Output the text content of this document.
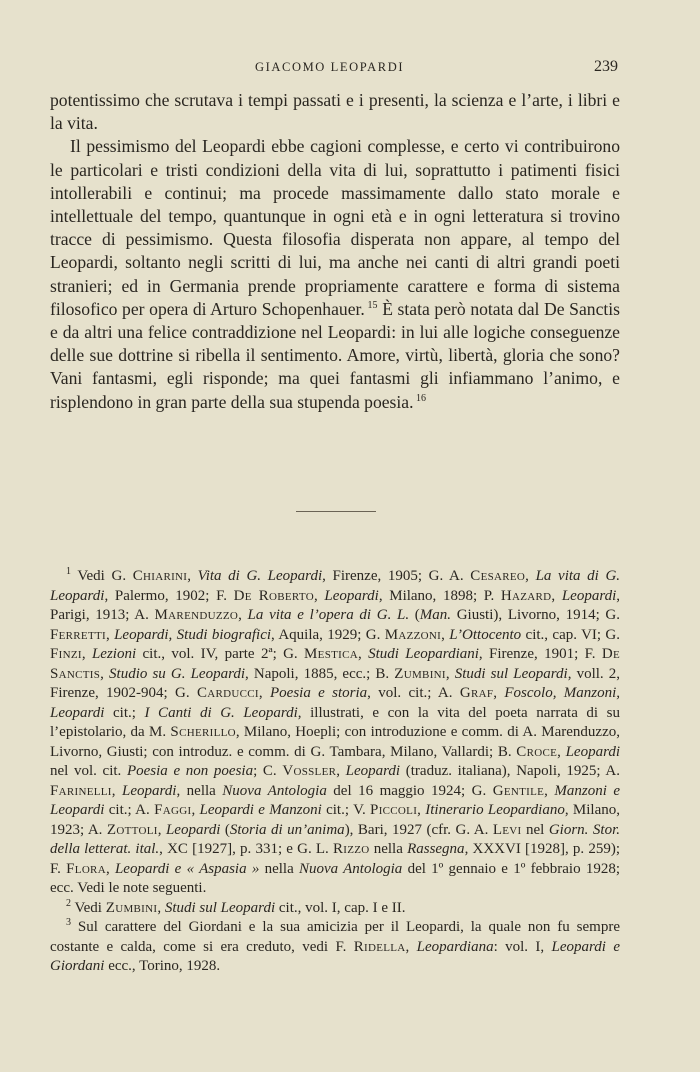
GIACOMO LEOPARDI	239

potentissimo che scrutava i tempi passati e i presenti, la scienza e l’arte, i libri e la vita.

Il pessimismo del Leopardi ebbe cagioni complesse, e certo vi contribuirono le particolari e tristi condizioni della vita di lui, soprattutto i patimenti fisici intollerabili e continui; ma procede massimamente dallo stato morale e intellettuale del tempo, quantunque in ogni età e in ogni letteratura si trovino tracce di pessimismo. Questa filosofia disperata non appare, al tempo del Leopardi, soltanto negli scritti di lui, ma anche nei canti di altri grandi poeti stranieri; ed in Germania prende propriamente carattere e forma di sistema filosofico per opera di Arturo Schopenhauer. $^{15}$ È stata però notata dal De Sanctis e da altri una felice contraddizione nel Leopardi: in lui alle logiche conseguenze delle sue dottrine si ribella il sentimento. Amore, virtù, libertà, gloria che sono? Vani fantasmi, egli risponde; ma quei fantasmi gli infiammano l’animo, e risplendono in gran parte della sua stupenda poesia. $^{16}$

$^1$ Vedi G. Chiarini, Vita di G. Leopardi, Firenze, 1905; G. A. Cesareo, La vita di G. Leopardi, Palermo, 1902; F. De Roberto, Leopardi, Milano, 1898; P. Hazard, Leopardi, Parigi, 1913; A. Marenduzzo, La vita e l’opera di G. L. (Man. Giusti), Livorno, 1914; G. Ferretti, Leopardi, Studi biografici, Aquila, 1929; G. Mazzoni, L’Ottocento cit., cap. VI; G. Finzi, Lezioni cit., vol. IV, parte 2ª; G. Mestica, Studi Leopardiani, Firenze, 1901; F. De Sanctis, Studio su G. Leopardi, Napoli, 1885, ecc.; B. Zumbini, Studi sul Leopardi, voll. 2, Firenze, 1902-904; G. Carducci, Poesia e storia, vol. cit.; A. Graf, Foscolo, Manzoni, Leopardi cit.; I Canti di G. Leopardi, illustrati, e con la vita del poeta narrata di su l’epistolario, da M. Scherillo, Milano, Hoepli; con introduzione e comm. di A. Marenduzzo, Livorno, Giusti; con introduz. e comm. di G. Tambara, Milano, Vallardi; B. Croce, Leopardi nel vol. cit. Poesia e non poesia; C. Vossler, Leopardi (traduz. italiana), Napoli, 1925; A. Farinelli, Leopardi, nella Nuova Antologia del 16 maggio 1924; G. Gentile, Manzoni e Leopardi cit.; A. Faggi, Leopardi e Manzoni cit.; V. Piccoli, Itinerario Leopardiano, Milano, 1923; A. Zottoli, Leopardi (Storia di un’anima), Bari, 1927 (cfr. G. A. Levi nel Giorn. Stor. della letterat. ital., XC [1927], p. 331; e G. L. Rizzo nella Rassegna, XXXVI [1928], p. 259); F. Flora, Leopardi e « Aspasia » nella Nuova Antologia del 1º gennaio e 1º febbraio 1928; ecc. Vedi le note seguenti.

$^2$ Vedi Zumbini, Studi sul Leopardi cit., vol. I, cap. I e II.

$^3$ Sul carattere del Giordani e la sua amicizia per il Leopardi, la quale non fu sempre costante e calda, come si era creduto, vedi F. Ridella, Leopardiana: vol. I, Leopardi e Giordani ecc., Torino, 1928.
